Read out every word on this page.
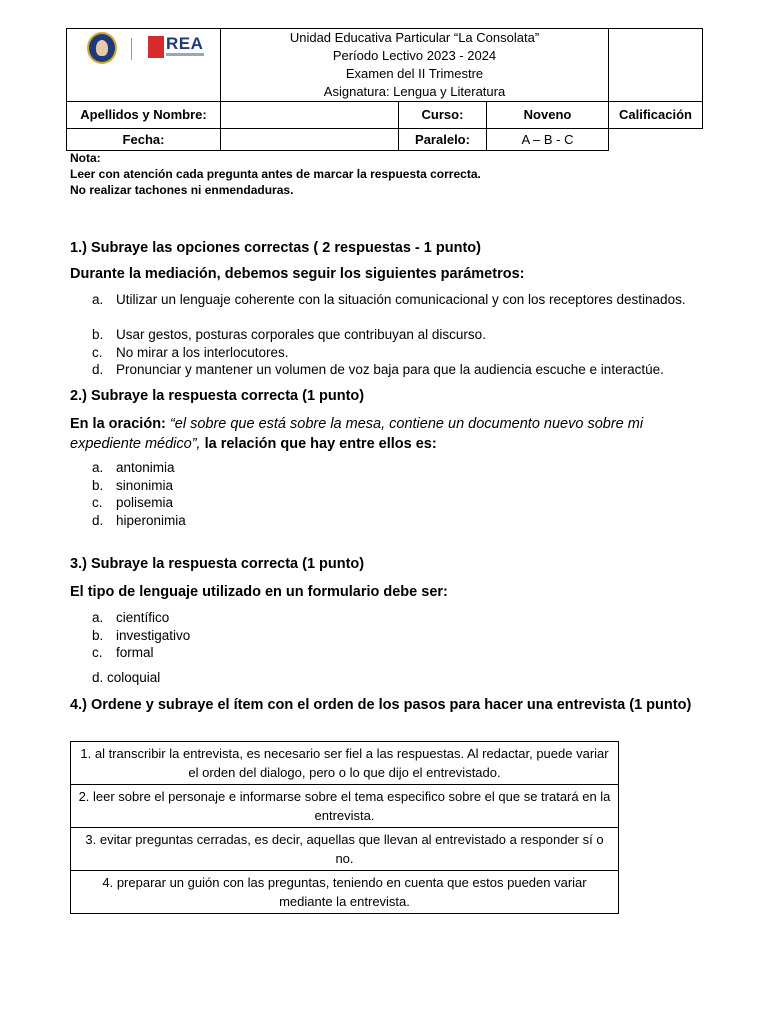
	Unidad Educativa Particular “La Consolata”
Período Lectivo 2023 - 2024
Examen del II Trimestre
Asignatura: Lengua y Literatura			

Apellidos y Nombre:		Curso:	Noveno	Calificación
Fecha:		Paralelo:	A – B - C	
REA
Nota:
Leer con atención cada pregunta antes de marcar la respuesta correcta.
No realizar tachones ni enmendaduras.
1.) Subraye las opciones correctas ( 2 respuestas - 1 punto)
Durante la mediación, debemos seguir los siguientes parámetros:
a. Utilizar un lenguaje coherente con la situación comunicacional y con los receptores destinados.
b. Usar gestos, posturas corporales que contribuyan al discurso.
c. No mirar a los interlocutores.
d. Pronunciar y mantener un volumen de voz baja para que la audiencia escuche e interactúe.
2.) Subraye la respuesta correcta (1 punto)
En la oración: “el sobre que está sobre la mesa, contiene un documento nuevo sobre mi expediente médico”, la relación que hay entre ellos es:
a. antonimia
b. sinonimia
c. polisemia
d. hiperonimia
3.) Subraye la respuesta correcta (1 punto)
El tipo de lenguaje utilizado en un formulario debe ser:
a. científico
b. investigativo
c. formal
d. coloquial
4.) Ordene y subraye el ítem con el orden de los pasos para hacer una entrevista (1 punto)
1. al transcribir la entrevista, es necesario ser fiel a las respuestas. Al redactar, puede variar el orden del dialogo, pero o lo que dijo el entrevistado.
2. leer sobre el personaje e informarse sobre el tema especifico sobre el que se tratará en la entrevista.
3. evitar preguntas cerradas, es decir, aquellas que llevan al entrevistado a responder sí o no.
4. preparar un guión con las preguntas, teniendo en cuenta que estos pueden variar mediante la entrevista.
